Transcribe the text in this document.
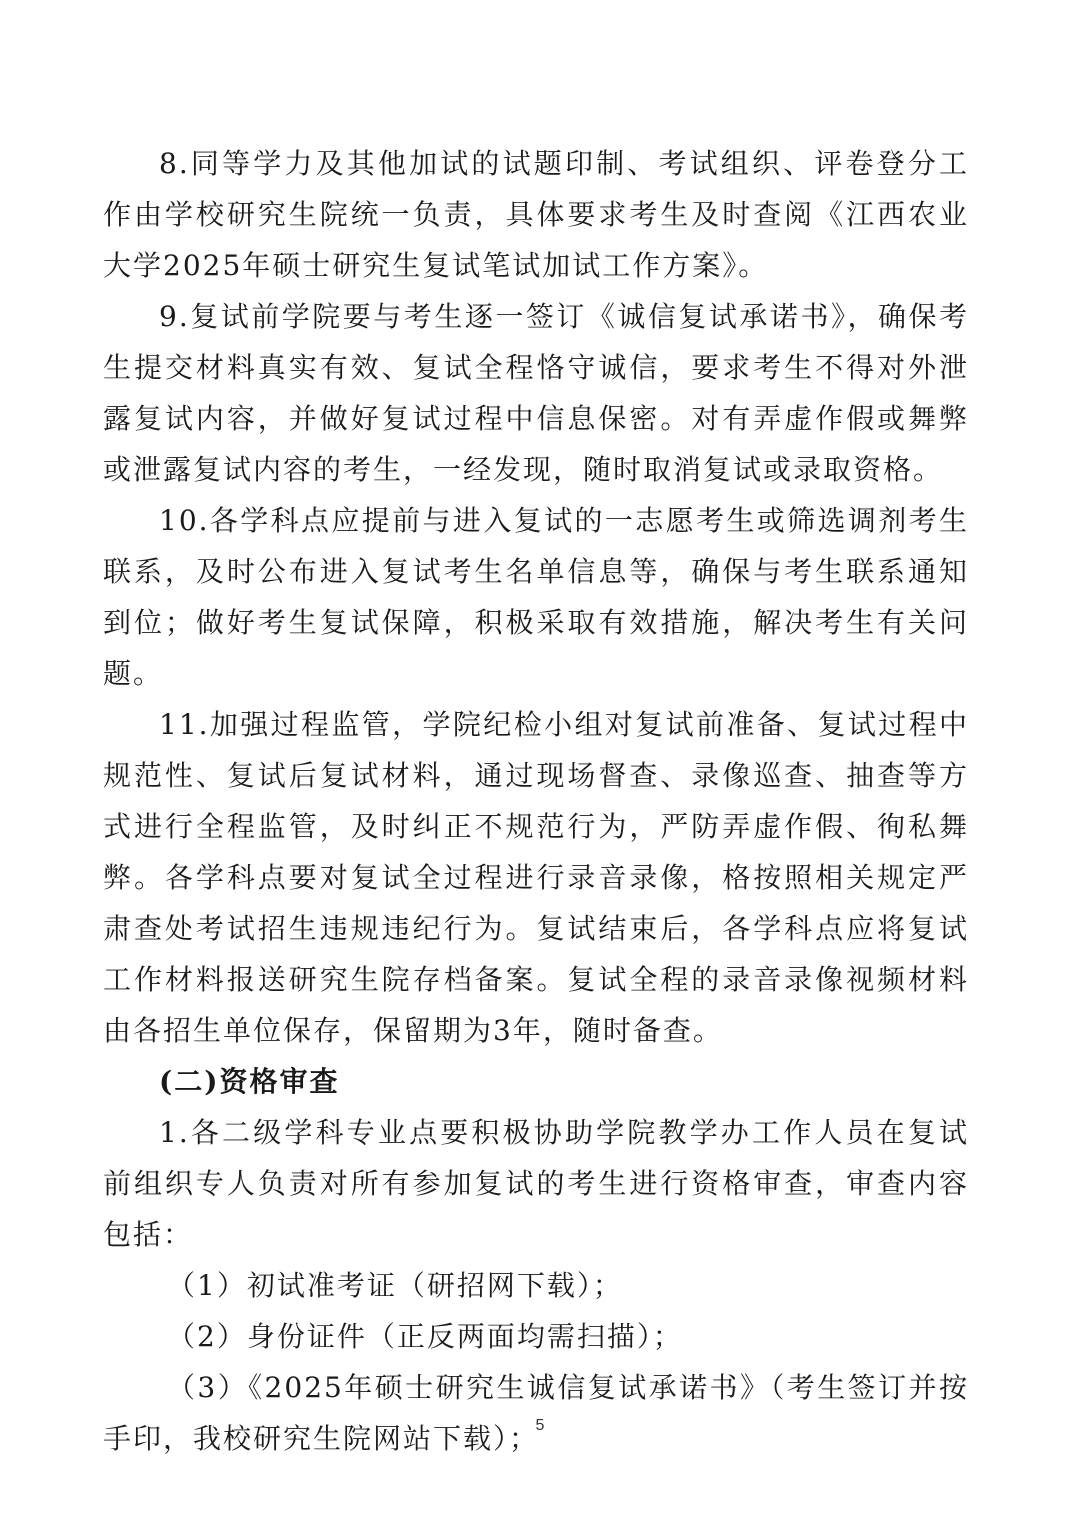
8.同等学力及其他加试的试题印制、考试组织、评卷登分工作由学校研究生院统一负责，具体要求考生及时查阅《江西农业大学2025年硕士研究生复试笔试加试工作方案》。

9.复试前学院要与考生逐一签订《诚信复试承诺书》，确保考生提交材料真实有效、复试全程恪守诚信，要求考生不得对外泄露复试内容，并做好复试过程中信息保密。对有弄虚作假或舞弊或泄露复试内容的考生，一经发现，随时取消复试或录取资格。

10.各学科点应提前与进入复试的一志愿考生或筛选调剂考生联系，及时公布进入复试考生名单信息等，确保与考生联系通知到位；做好考生复试保障，积极采取有效措施，解决考生有关问题。

11.加强过程监管，学院纪检小组对复试前准备、复试过程中规范性、复试后复试材料，通过现场督查、录像巡查、抽查等方式进行全程监管，及时纠正不规范行为，严防弄虚作假、徇私舞弊。各学科点要对复试全过程进行录音录像，格按照相关规定严肃查处考试招生违规违纪行为。复试结束后，各学科点应将复试工作材料报送研究生院存档备案。复试全程的录音录像视频材料由各招生单位保存，保留期为3年，随时备查。

(二)资格审查

1.各二级学科专业点要积极协助学院教学办工作人员在复试前组织专人负责对所有参加复试的考生进行资格审查，审查内容包括：

（1）初试准考证（研招网下载）；

（2）身份证件（正反两面均需扫描）；

（3）《2025年硕士研究生诚信复试承诺书》（考生签订并按手印，我校研究生院网站下载）；

5
